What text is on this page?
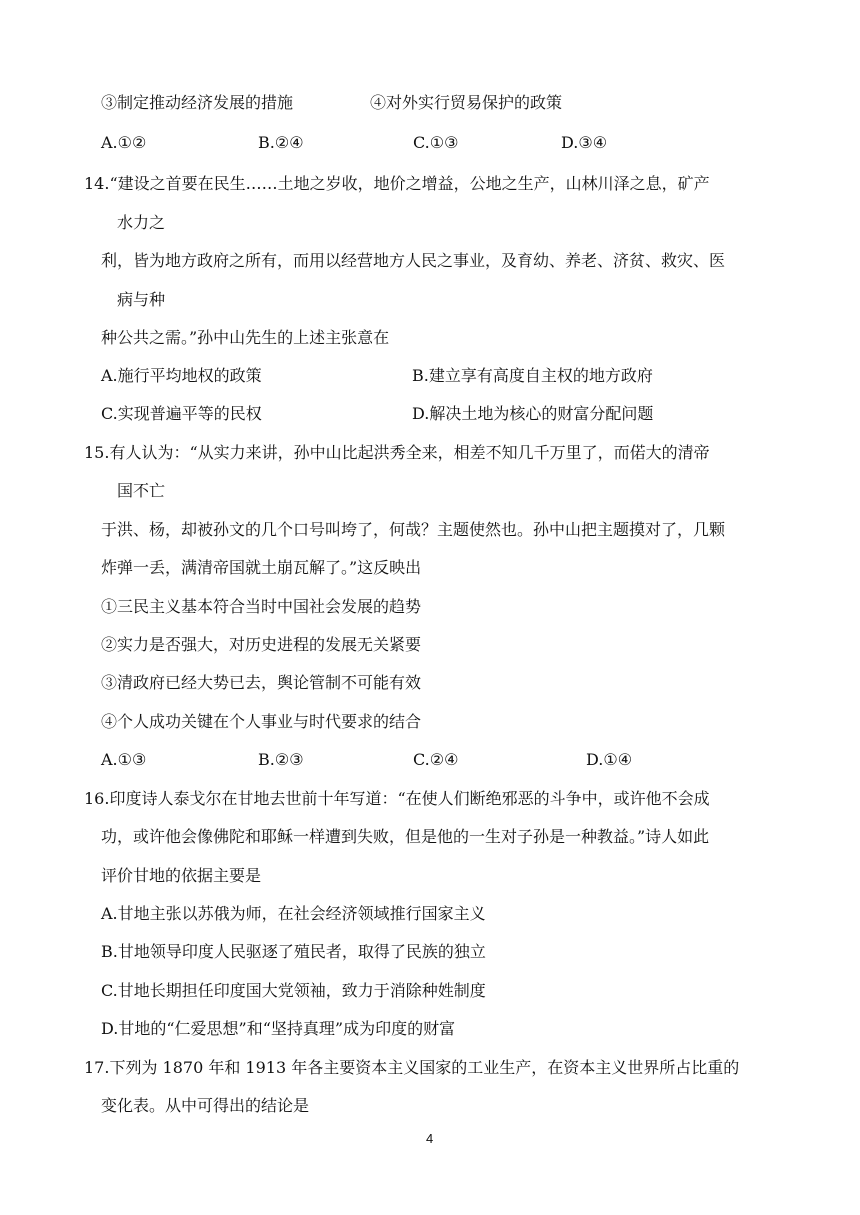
③制定推动经济发展的措施	④对外实行贸易保护的政策
A.①②	B.②④	C.①③	D.③④
14.“建设之首要在民生……土地之岁收，地价之增益，公地之生产，山林川泽之息，矿产
水力之
利，皆为地方政府之所有，而用以经营地方人民之事业，及育幼、养老、济贫、救灾、医
病与种
种公共之需。”孙中山先生的上述主张意在
A.施行平均地权的政策	B.建立享有高度自主权的地方政府
C.实现普遍平等的民权	D.解决土地为核心的财富分配问题
15.有人认为：“从实力来讲，孙中山比起洪秀全来，相差不知几千万里了，而偌大的清帝
国不亡
于洪、杨，却被孙文的几个口号叫垮了，何哉？主题使然也。孙中山把主题摸对了，几颗
炸弹一丢，满清帝国就土崩瓦解了。”这反映出
①三民主义基本符合当时中国社会发展的趋势
②实力是否强大，对历史进程的发展无关紧要
③清政府已经大势已去，舆论管制不可能有效
④个人成功关键在个人事业与时代要求的结合
A.①③	B.②③	C.②④	D.①④
16.印度诗人泰戈尔在甘地去世前十年写道：“在使人们断绝邪恶的斗争中，或许他不会成
功，或许他会像佛陀和耶稣一样遭到失败，但是他的一生对子孙是一种教益。”诗人如此
评价甘地的依据主要是
A.甘地主张以苏俄为师，在社会经济领域推行国家主义
B.甘地领导印度人民驱逐了殖民者，取得了民族的独立
C.甘地长期担任印度国大党领袖，致力于消除种姓制度
D.甘地的“仁爱思想”和“坚持真理”成为印度的财富
17.下列为 1870 年和 1913 年各主要资本主义国家的工业生产，在资本主义世界所占比重的
变化表。从中可得出的结论是
4
